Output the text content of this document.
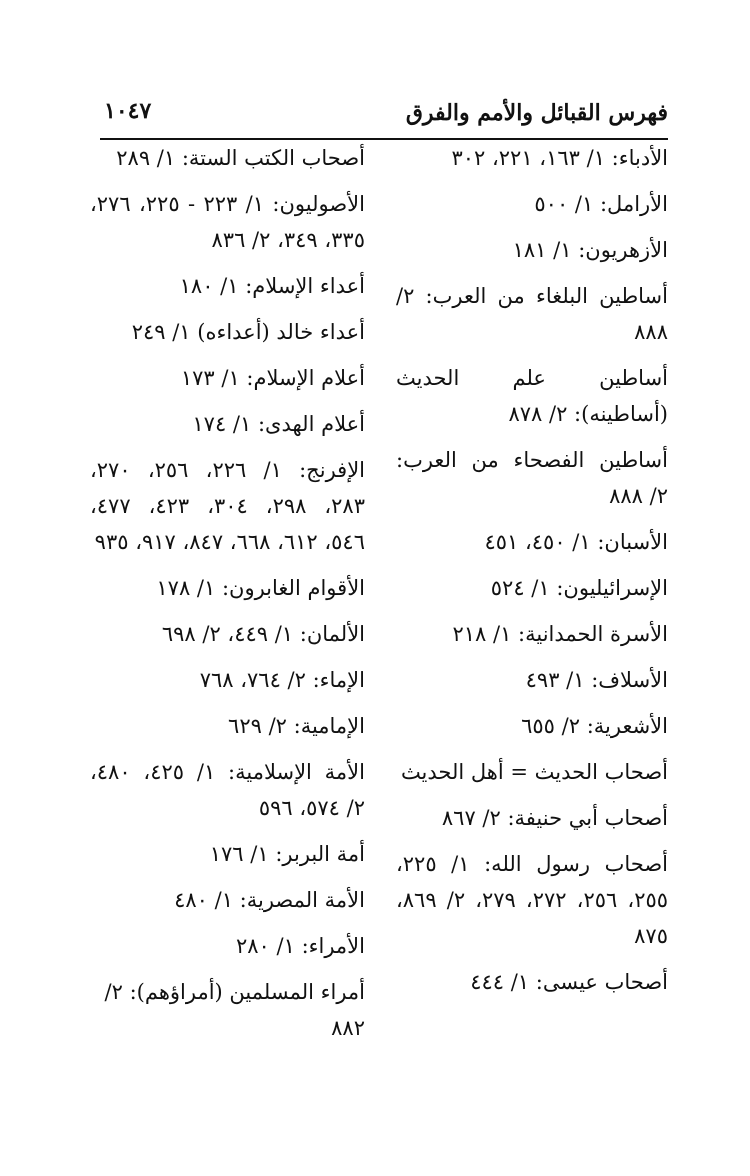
فهرس القبائل والأمم والفرق
١٠٤٧

الأدباء: ١/ ١٦٣، ٢٢١، ٣٠٢

الأرامل: ١/ ٥٠٠

الأزهريون: ١/ ١٨١

أساطين البلغاء من العرب: ٢/ ٨٨٨

أساطين علم الحديث (أساطينه): ٢/ ٨٧٨

أساطين الفصحاء من العرب: ٢/ ٨٨٨

الأسبان: ١/ ٤٥٠، ٤٥١

الإسرائيليون: ١/ ٥٢٤

الأسرة الحمدانية: ١/ ٢١٨

الأسلاف: ١/ ٤٩٣

الأشعرية: ٢/ ٦٥٥

أصحاب الحديث = أهل الحديث

أصحاب أبي حنيفة: ٢/ ٨٦٧

أصحاب رسول الله: ١/ ٢٢٥، ٢٥٥، ٢٥٦، ٢٧٢، ٢٧٩، ٢/ ٨٦٩، ٨٧٥

أصحاب عيسى: ١/ ٤٤٤

أصحاب الكتب الستة: ١/ ٢٨٩

الأصوليون: ١/ ٢٢٣ - ٢٢٥، ٢٧٦، ٣٣٥، ٣٤٩، ٢/ ٨٣٦

أعداء الإسلام: ١/ ١٨٠

أعداء خالد (أعداءه) ١/ ٢٤٩

أعلام الإسلام: ١/ ١٧٣

أعلام الهدى: ١/ ١٧٤

الإفرنج: ١/ ٢٢٦، ٢٥٦، ٢٧٠، ٢٨٣، ٢٩٨، ٣٠٤، ٤٢٣، ٤٧٧، ٥٤٦، ٦١٢، ٦٦٨، ٨٤٧، ٩١٧، ٩٣٥

الأقوام الغابرون: ١/ ١٧٨

الألمان: ١/ ٤٤٩، ٢/ ٦٩٨

الإماء: ٢/ ٧٦٤، ٧٦٨

الإمامية: ٢/ ٦٢٩

الأمة الإسلامية: ١/ ٤٢٥، ٤٨٠، ٢/ ٥٧٤، ٥٩٦

أمة البربر: ١/ ١٧٦

الأمة المصرية: ١/ ٤٨٠

الأمراء: ١/ ٢٨٠

أمراء المسلمين (أمراؤهم): ٢/ ٨٨٢
